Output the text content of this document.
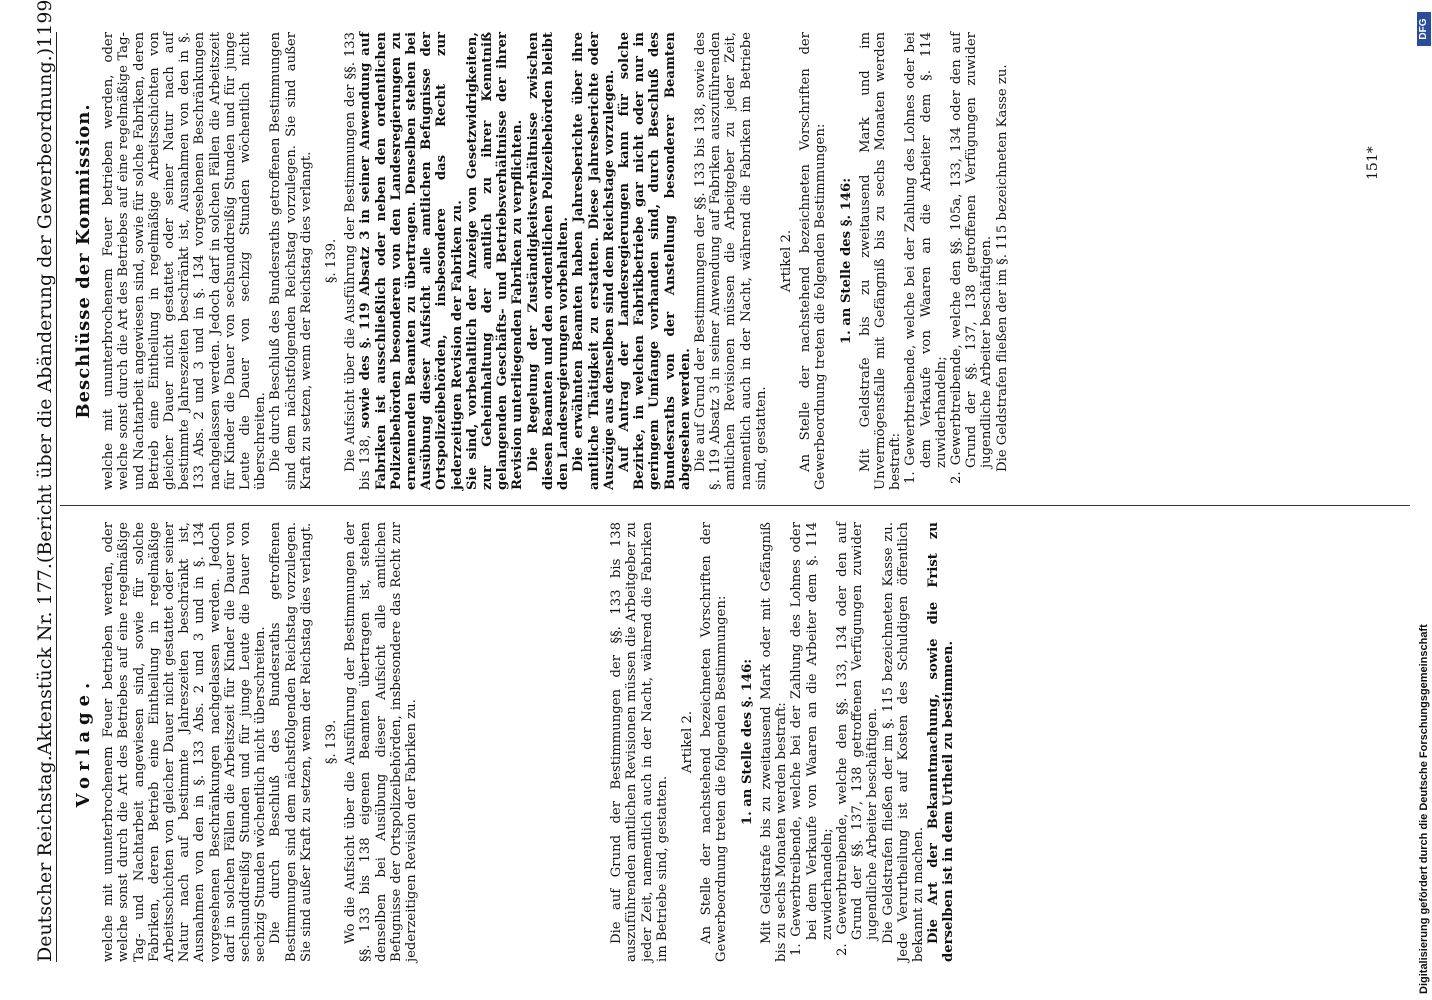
Deutscher Reichstag.
Aktenstück Nr. 177.
(Bericht über die Abänderung der Gewerbeordnung.)
1199
Vorlage. welche mit ununterbrochenem Feuer betrieben werden, oder welche sonst durch die Art des Betriebes auf eine regelmäßige Tag- und Nachtarbeit angewiesen sind, sowie für solche Fabriken, deren Betrieb eine Eintheilung in regelmäßige Arbeitsschichten von gleicher Dauer nicht gestattet oder seiner Natur nach auf bestimmte Jahreszeiten beschränkt ist, Ausnahmen von den in §. 133 Abs. 2 und 3 und in §. 134 vorgesehenen Beschränkungen nachgelassen werden. Jedoch darf in solchen Fällen die Arbeitszeit für Kinder die Dauer von sechsunddreißig Stunden und für junge Leute die Dauer von sechzig Stunden wöchentlich nicht überschreiten. Die durch Beschluß des Bundesraths getroffenen Bestimmungen sind dem nächstfolgenden Reichstag vorzulegen. Sie sind außer Kraft zu setzen, wenn der Reichstag dies verlangt. §. 139. Wo die Aufsicht über die Ausführung der Bestimmungen der §§. 133 bis 138 eigenen Beamten übertragen ist, stehen denselben bei Ausübung dieser Aufsicht alle amtlichen Befugnisse der Ortspolizeibehörden, insbesondere das Recht zur jederzeitigen Revision der Fabriken zu.	Die auf Grund der Bestimmungen der §§. 133 bis 138 auszuführenden amtlichen Revisionen müssen die Arbeitgeber zu jeder Zeit, namentlich auch in der Nacht, während die Fabriken im Betriebe sind, gestatten.

Artikel 2. An Stelle der nachstehend bezeichneten Vorschriften der Gewerbeordnung treten die folgenden Bestimmungen: 1. an Stelle des §. 146: Mit Geldstrafe bis zu zweitausend Mark oder mit Gefängniß bis zu sechs Monaten werden bestraft: 1. Gewerbtreibende, welche bei der Zahlung des Lohnes oder bei dem Verkaufe von Waaren an die Arbeiter dem §. 114 zuwiderhandeln; 2. Gewerbtreibende, welche den §§. 133, 134 oder den auf Grund der §§. 137, 138 getroffenen Verfügungen zuwider jugendliche Arbeiter beschäftigen. Die Geldstrafen fließen der im §. 115 bezeichneten Kasse zu. Jede Verurtheilung ist auf Kosten des Schuldigen öffentlich bekannt zu machen. Die Art der Bekanntmachung, sowie die Frist zu derselben ist in dem Urtheil zu bestimmen.

Beschlüsse der Kommission. welche mit ununterbrochenem Feuer betrieben werden, oder welche sonst durch die Art des Betriebes auf eine regelmäßige Tag- und Nachtarbeit angewiesen sind, sowie für solche Fabriken, deren Betrieb eine Eintheilung in regelmäßige Arbeitsschichten von gleicher Dauer nicht gestattet oder seiner Natur nach auf bestimmte Jahreszeiten beschränkt ist, Ausnahmen von den in §. 133 Abs. 2 und 3 und in §. 134 vorgesehenen Beschränkungen nachgelassen werden. Jedoch darf in solchen Fällen die Arbeitszeit für Kinder die Dauer von sechsunddreißig Stunden und für junge Leute die Dauer von sechzig Stunden wöchentlich nicht überschreiten. Die durch Beschluß des Bundesraths getroffenen Bestimmungen sind dem nächstfolgenden Reichstag vorzulegen. Sie sind außer Kraft zu setzen, wenn der Reichstag dies verlangt. §. 139. Die Aufsicht über die Ausführung der Bestimmungen der §§. 133 bis 138, sowie des §. 119 Absatz 3 in seiner Anwendung auf Fabriken ist ausschließlich oder neben den ordentlichen Polizeibehörden besonderen von den Landesregierungen zu ernennenden Beamten zu übertragen. Denselben stehen bei Ausübung dieser Aufsicht alle amtlichen Befugnisse der Ortspolizeibehörden, insbesondere das Recht zur jederzeitigen Revision der Fabriken zu. Sie sind, vorbehaltlich der Anzeige von Gesetzwidrigkeiten, zur Geheimhaltung der amtlich zu ihrer Kenntniß gelangenden Geschäfts- und Betriebsverhältnisse der ihrer Revision unterliegenden Fabriken zu verpflichten. Die Regelung der Zuständigkeitsverhältnisse zwischen diesen Beamten und den ordentlichen Polizeibehörden bleibt den Landesregierungen vorbehalten. Die erwähnten Beamten haben Jahresberichte über ihre amtliche Thätigkeit zu erstatten. Diese Jahresberichte oder Auszüge aus denselben sind dem Reichstage vorzulegen. Auf Antrag der Landesregierungen kann für solche Bezirke, in welchen Fabrikbetriebe gar nicht oder nur in geringem Umfange vorhanden sind, durch Beschluß des Bundesraths von der Anstellung besonderer Beamten abgesehen werden. Die auf Grund der Bestimmungen der §§. 133 bis 138, sowie des §. 119 Absatz 3 in seiner Anwendung auf Fabriken auszuführenden amtlichen Revisionen müssen die Arbeitgeber zu jeder Zeit, namentlich auch in der Nacht, während die Fabriken im Betriebe sind, gestatten.

Artikel 2. An Stelle der nachstehend bezeichneten Vorschriften der Gewerbeordnung treten die folgenden Bestimmungen: 1. an Stelle des §. 146: Mit Geldstrafe bis zu zweitausend Mark und im Unvermögensfalle mit Gefängniß bis zu sechs Monaten werden bestraft: 1. Gewerbtreibende, welche bei der Zahlung des Lohnes oder bei dem Verkaufe von Waaren an die Arbeiter dem §. 114 zuwiderhandeln; 2. Gewerbtreibende, welche den §§. 105a, 133, 134 oder den auf Grund der §§. 137, 138 getroffenen Verfügungen zuwider jugendliche Arbeiter beschäftigen. Die Geldstrafen fließen der im §. 115 bezeichneten Kasse zu.	151*
Digitalisierung gefördert durch die Deutsche Forschungsgemeinschaft
DFG
